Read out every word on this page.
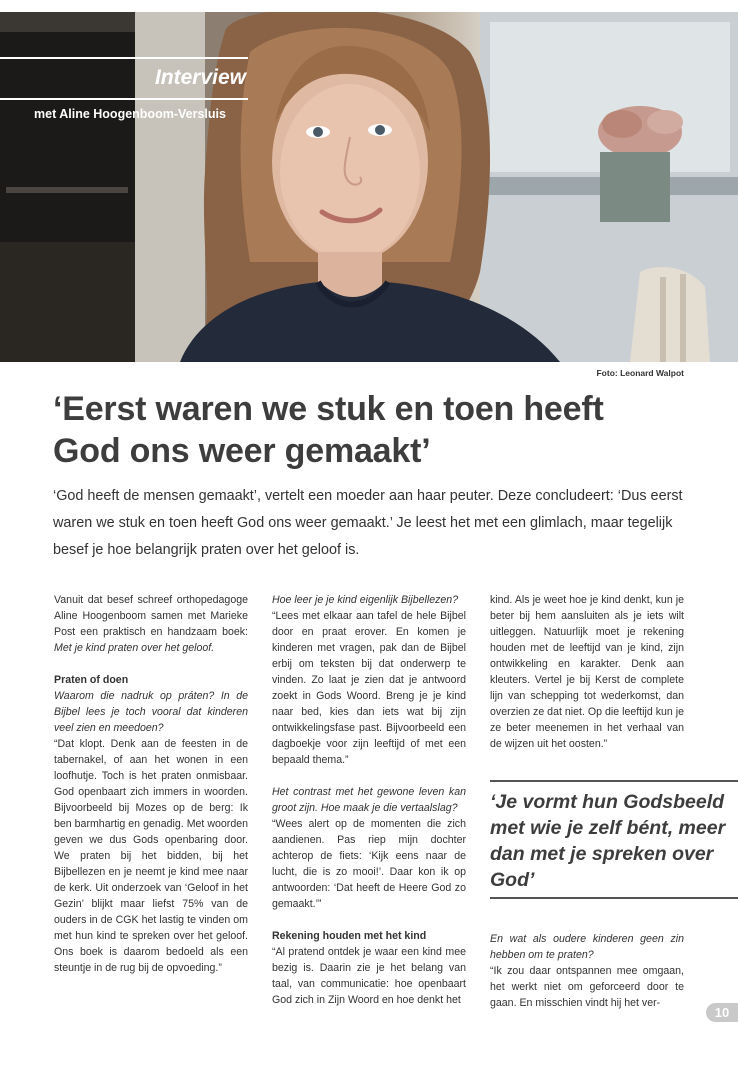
Interview
met Aline Hoogenboom-Versluis
Foto: Leonard Walpot
‘Eerst waren we stuk en toen heeft
God ons weer gemaakt’

‘God heeft de mensen gemaakt’, vertelt een moeder aan haar peuter. Deze concludeert: ‘Dus eerst waren we stuk en toen heeft God ons weer gemaakt.’ Je leest het met een glimlach, maar tegelijk besef je hoe belangrijk praten over het geloof is.

Vanuit dat besef schreef orthopedagoge Aline Hoogenboom samen met Marieke Post een praktisch en handzaam boek: Met je kind praten over het geloof.

Praten of doen

Waarom die nadruk op práten? In de Bijbel lees je toch vooral dat kinderen veel zien en meedoen?

“Dat klopt. Denk aan de feesten in de tabernakel, of aan het wonen in een loofhutje. Toch is het praten onmisbaar. God openbaart zich immers in woorden. Bijvoorbeeld bij Mozes op de berg: Ik ben barmhartig en genadig. Met woorden geven we dus Gods openbaring door. We praten bij het bidden, bij het Bijbellezen en je neemt je kind mee naar de kerk. Uit onderzoek van ‘Geloof in het Gezin’ blijkt maar liefst 75% van de ouders in de CGK het lastig te vinden om met hun kind te spreken over het geloof. Ons boek is daarom bedoeld als een steuntje in de rug bij de opvoeding.”

Hoe leer je je kind eigenlijk Bijbellezen?

“Lees met elkaar aan tafel de hele Bijbel door en praat erover. En komen je kinderen met vragen, pak dan de Bijbel erbij om teksten bij dat onderwerp te vinden. Zo laat je zien dat je antwoord zoekt in Gods Woord. Breng je je kind naar bed, kies dan iets wat bij zijn ontwikkelingsfase past. Bijvoorbeeld een dagboekje voor zijn leeftijd of met een bepaald thema.”

Het contrast met het gewone leven kan groot zijn. Hoe maak je die vertaalslag?

“Wees alert op de momenten die zich aandienen. Pas riep mijn dochter achterop de fiets: ‘Kijk eens naar de lucht, die is zo mooi!’. Daar kon ik op antwoorden: ‘Dat heeft de Heere God zo gemaakt.’”

Rekening houden met het kind

“Al pratend ontdek je waar een kind mee bezig is. Daarin zie je het belang van taal, van communicatie: hoe openbaart God zich in Zijn Woord en hoe denkt het

kind. Als je weet hoe je kind denkt, kun je beter bij hem aansluiten als je iets wilt uitleggen. Natuurlijk moet je rekening houden met de leeftijd van je kind, zijn ontwikkeling en karakter. Denk aan kleuters. Vertel je bij Kerst de complete lijn van schepping tot wederkomst, dan overzien ze dat niet. Op die leeftijd kun je ze beter meenemen in het verhaal van de wijzen uit het oosten.”

‘Je vormt hun Godsbeeld met wie je zelf bént, meer dan met je spreken over God’

En wat als oudere kinderen geen zin hebben om te praten?

“Ik zou daar ontspannen mee omgaan, het werkt niet om geforceerd door te gaan. En misschien vindt hij het ver-

10
